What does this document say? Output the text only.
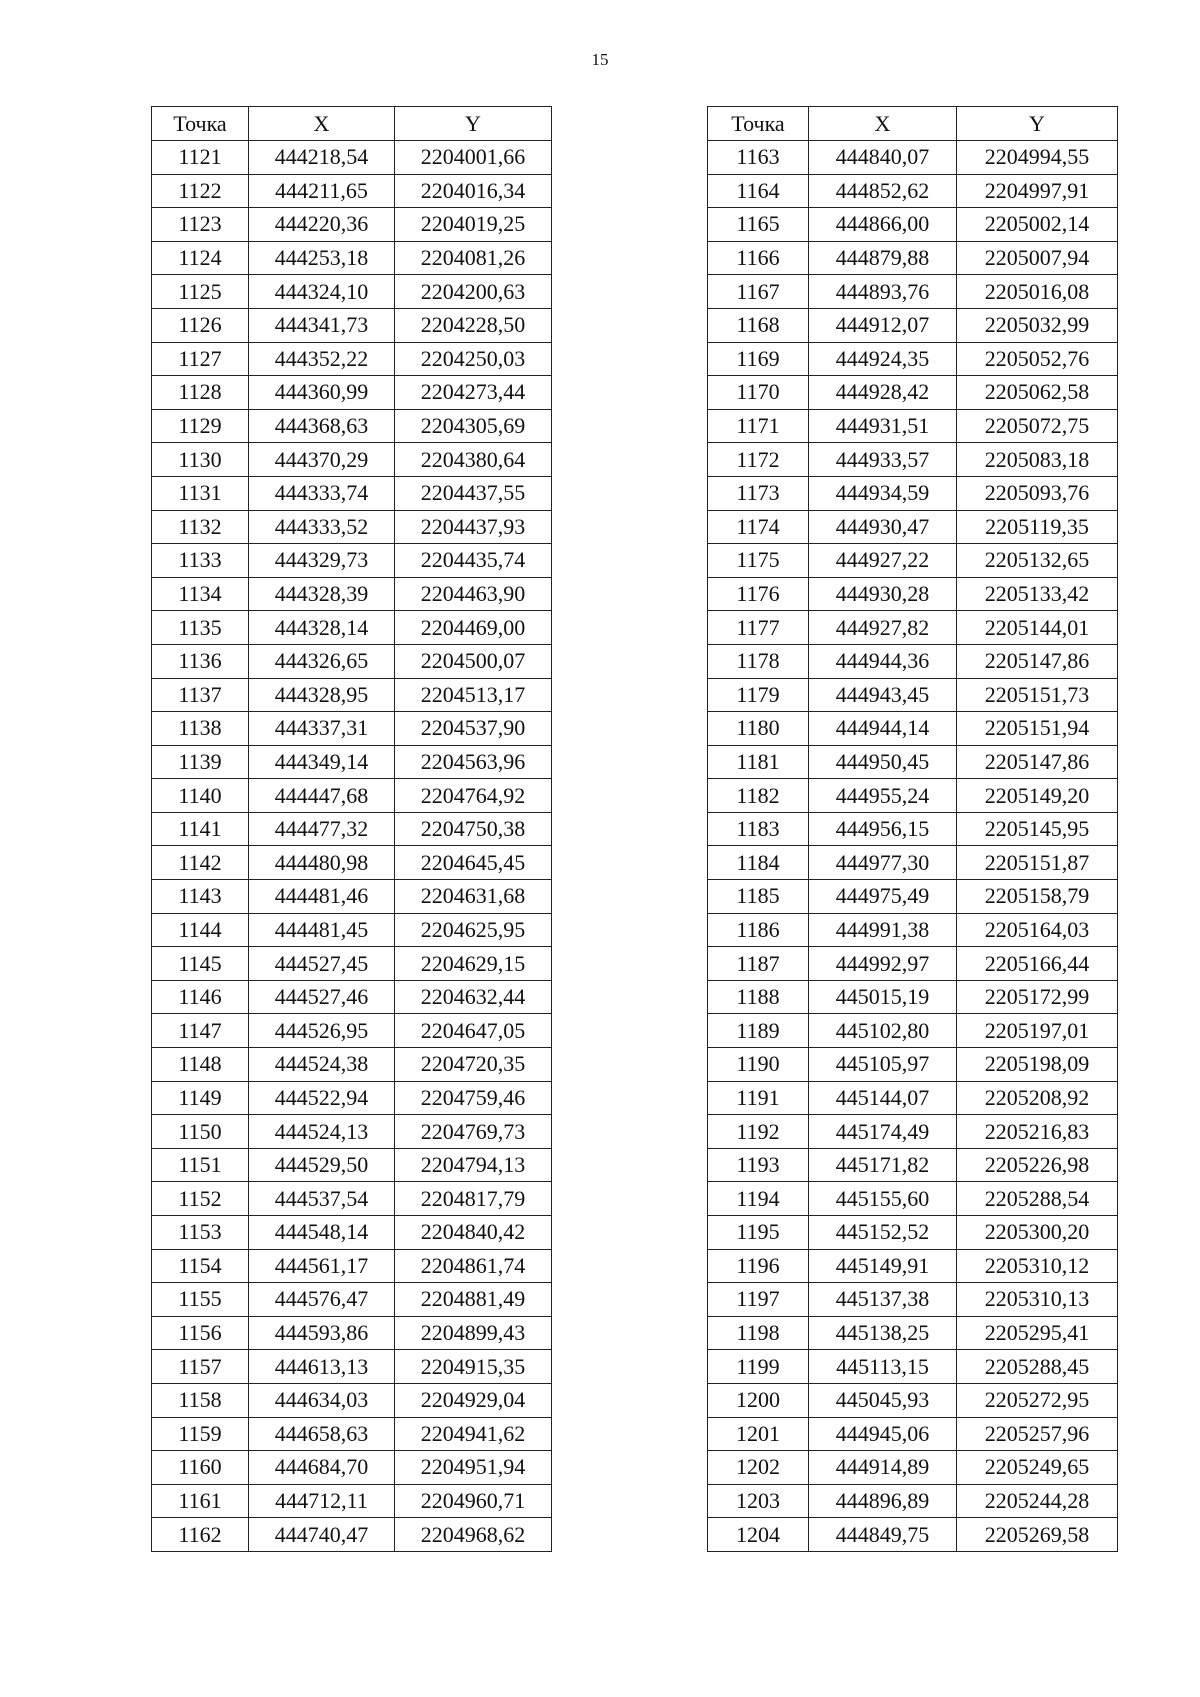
15
Точка	X	Y
1121	444218,54	2204001,66
1122	444211,65	2204016,34
1123	444220,36	2204019,25
1124	444253,18	2204081,26
1125	444324,10	2204200,63
1126	444341,73	2204228,50
1127	444352,22	2204250,03
1128	444360,99	2204273,44
1129	444368,63	2204305,69
1130	444370,29	2204380,64
1131	444333,74	2204437,55
1132	444333,52	2204437,93
1133	444329,73	2204435,74
1134	444328,39	2204463,90
1135	444328,14	2204469,00
1136	444326,65	2204500,07
1137	444328,95	2204513,17
1138	444337,31	2204537,90
1139	444349,14	2204563,96
1140	444447,68	2204764,92
1141	444477,32	2204750,38
1142	444480,98	2204645,45
1143	444481,46	2204631,68
1144	444481,45	2204625,95
1145	444527,45	2204629,15
1146	444527,46	2204632,44
1147	444526,95	2204647,05
1148	444524,38	2204720,35
1149	444522,94	2204759,46
1150	444524,13	2204769,73
1151	444529,50	2204794,13
1152	444537,54	2204817,79
1153	444548,14	2204840,42
1154	444561,17	2204861,74
1155	444576,47	2204881,49
1156	444593,86	2204899,43
1157	444613,13	2204915,35
1158	444634,03	2204929,04
1159	444658,63	2204941,62
1160	444684,70	2204951,94
1161	444712,11	2204960,71
1162	444740,47	2204968,62
Точка	X	Y
1163	444840,07	2204994,55
1164	444852,62	2204997,91
1165	444866,00	2205002,14
1166	444879,88	2205007,94
1167	444893,76	2205016,08
1168	444912,07	2205032,99
1169	444924,35	2205052,76
1170	444928,42	2205062,58
1171	444931,51	2205072,75
1172	444933,57	2205083,18
1173	444934,59	2205093,76
1174	444930,47	2205119,35
1175	444927,22	2205132,65
1176	444930,28	2205133,42
1177	444927,82	2205144,01
1178	444944,36	2205147,86
1179	444943,45	2205151,73
1180	444944,14	2205151,94
1181	444950,45	2205147,86
1182	444955,24	2205149,20
1183	444956,15	2205145,95
1184	444977,30	2205151,87
1185	444975,49	2205158,79
1186	444991,38	2205164,03
1187	444992,97	2205166,44
1188	445015,19	2205172,99
1189	445102,80	2205197,01
1190	445105,97	2205198,09
1191	445144,07	2205208,92
1192	445174,49	2205216,83
1193	445171,82	2205226,98
1194	445155,60	2205288,54
1195	445152,52	2205300,20
1196	445149,91	2205310,12
1197	445137,38	2205310,13
1198	445138,25	2205295,41
1199	445113,15	2205288,45
1200	445045,93	2205272,95
1201	444945,06	2205257,96
1202	444914,89	2205249,65
1203	444896,89	2205244,28
1204	444849,75	2205269,58
